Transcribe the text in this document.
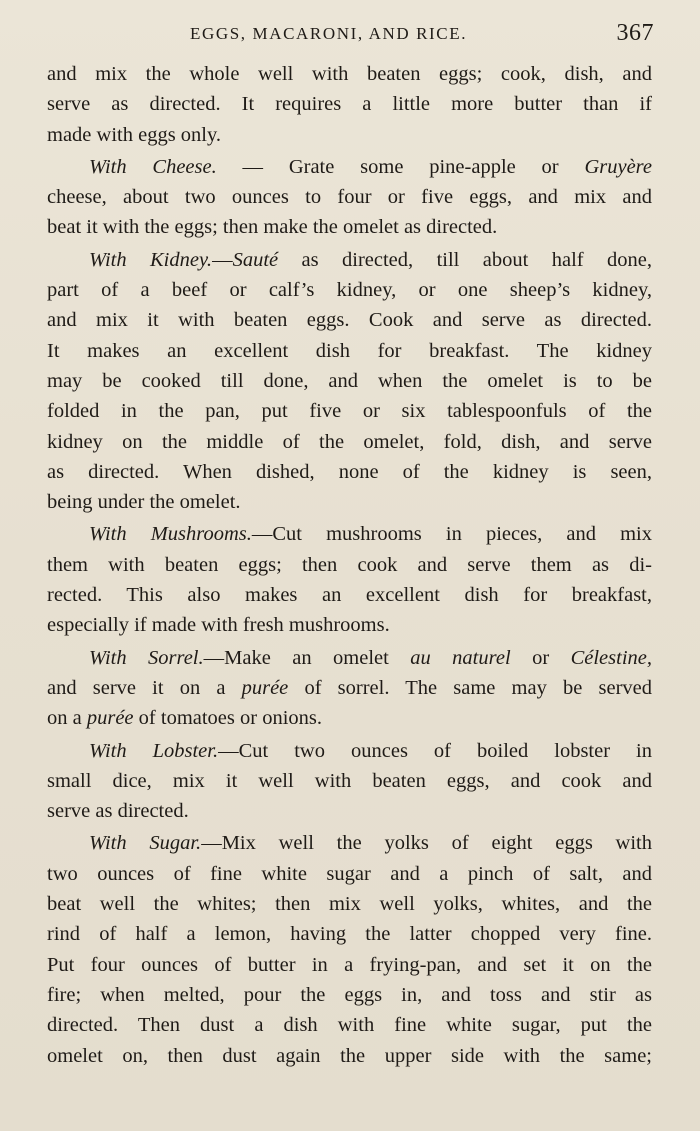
EGGS, MACARONI, AND RICE.	367
and mix the whole well with beaten eggs; cook, dish, and
serve as directed. It requires a little more butter than if
made with eggs only.
With Cheese. — Grate some pine-apple or Gruyère
cheese, about two ounces to four or five eggs, and mix and
beat it with the eggs; then make the omelet as directed.
With Kidney.—Sauté as directed, till about half done,
part of a beef or calf’s kidney, or one sheep’s kidney,
and mix it with beaten eggs. Cook and serve as directed.
It makes an excellent dish for breakfast. The kidney
may be cooked till done, and when the omelet is to be
folded in the pan, put five or six tablespoonfuls of the
kidney on the middle of the omelet, fold, dish, and serve
as directed. When dished, none of the kidney is seen,
being under the omelet.
With Mushrooms.—Cut mushrooms in pieces, and mix
them with beaten eggs; then cook and serve them as di-
rected. This also makes an excellent dish for breakfast,
especially if made with fresh mushrooms.
With Sorrel.—Make an omelet au naturel or Célestine,
and serve it on a purée of sorrel. The same may be served
on a purée of tomatoes or onions.
With Lobster.—Cut two ounces of boiled lobster in
small dice, mix it well with beaten eggs, and cook and
serve as directed.
With Sugar.—Mix well the yolks of eight eggs with
two ounces of fine white sugar and a pinch of salt, and
beat well the whites; then mix well yolks, whites, and the
rind of half a lemon, having the latter chopped very fine.
Put four ounces of butter in a frying-pan, and set it on the
fire; when melted, pour the eggs in, and toss and stir as
directed. Then dust a dish with fine white sugar, put the
omelet on, then dust again the upper side with the same;
